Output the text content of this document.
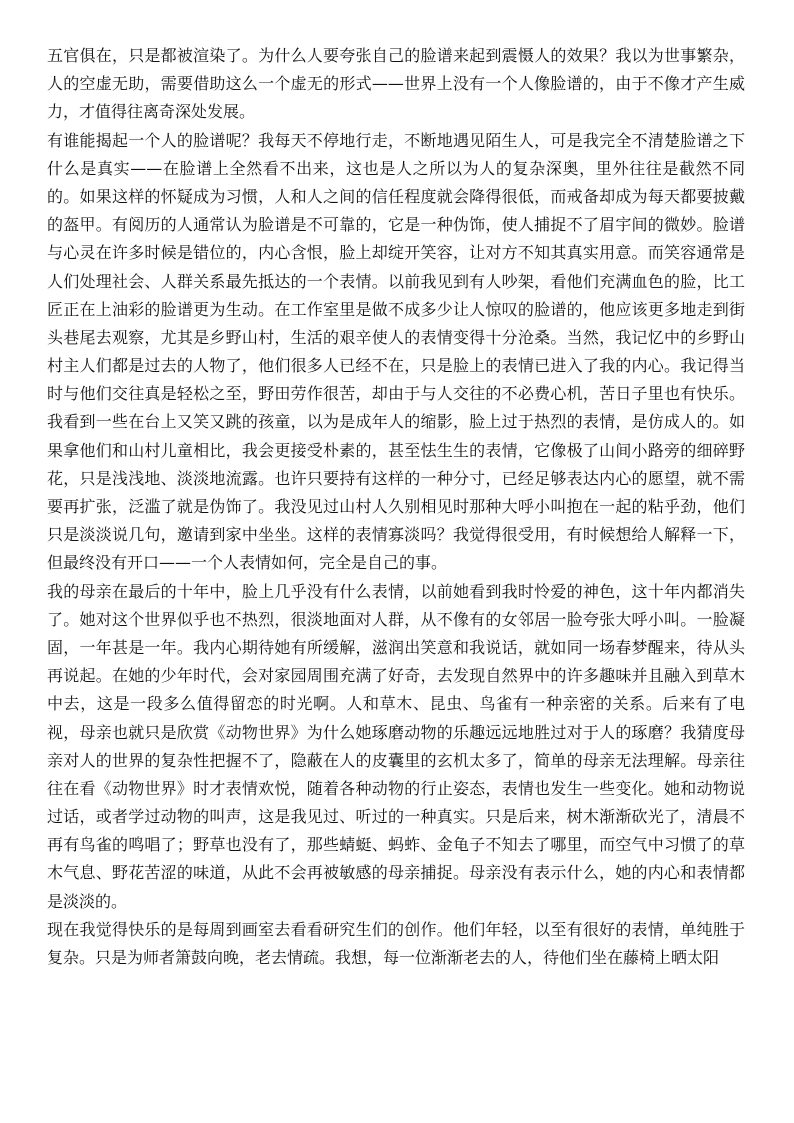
五官俱在，只是都被渲染了。为什么人要夸张自己的脸谱来起到震慑人的效果？我以为世事繁杂，
人的空虚无助，需要借助这么一个虚无的形式——世界上没有一个人像脸谱的，由于不像才产生威
力，才值得往离奇深处发展。
有谁能揭起一个人的脸谱呢？我每天不停地行走，不断地遇见陌生人，可是我完全不清楚脸谱之下
什么是真实——在脸谱上全然看不出来，这也是人之所以为人的复杂深奥，里外往往是截然不同
的。如果这样的怀疑成为习惯，人和人之间的信任程度就会降得很低，而戒备却成为每天都要披戴
的盔甲。有阅历的人通常认为脸谱是不可靠的，它是一种伪饰，使人捕捉不了眉宇间的微妙。脸谱
与心灵在许多时候是错位的，内心含恨，脸上却绽开笑容，让对方不知其真实用意。而笑容通常是
人们处理社会、人群关系最先抵达的一个表情。以前我见到有人吵架，看他们充满血色的脸，比工
匠正在上油彩的脸谱更为生动。在工作室里是做不成多少让人惊叹的脸谱的，他应该更多地走到街
头巷尾去观察，尤其是乡野山村，生活的艰辛使人的表情变得十分沧桑。当然，我记忆中的乡野山
村主人们都是过去的人物了，他们很多人已经不在，只是脸上的表情已进入了我的内心。我记得当
时与他们交往真是轻松之至，野田劳作很苦，却由于与人交往的不必费心机，苦日子里也有快乐。
我看到一些在台上又笑又跳的孩童，以为是成年人的缩影，脸上过于热烈的表情，是仿成人的。如
果拿他们和山村儿童相比，我会更接受朴素的，甚至怯生生的表情，它像极了山间小路旁的细碎野
花，只是浅浅地、淡淡地流露。也许只要持有这样的一种分寸，已经足够表达内心的愿望，就不需
要再扩张，泛滥了就是伪饰了。我没见过山村人久别相见时那种大呼小叫抱在一起的粘乎劲，他们
只是淡淡说几句，邀请到家中坐坐。这样的表情寡淡吗？我觉得很受用，有时候想给人解释一下，
但最终没有开口——一个人表情如何，完全是自己的事。
我的母亲在最后的十年中，脸上几乎没有什么表情，以前她看到我时怜爱的神色，这十年内都消失
了。她对这个世界似乎也不热烈，很淡地面对人群，从不像有的女邻居一脸夸张大呼小叫。一脸凝
固，一年甚是一年。我内心期待她有所缓解，滋润出笑意和我说话，就如同一场春梦醒来，待从头
再说起。在她的少年时代，会对家园周围充满了好奇，去发现自然界中的许多趣味并且融入到草木
中去，这是一段多么值得留恋的时光啊。人和草木、昆虫、鸟雀有一种亲密的关系。后来有了电
视，母亲也就只是欣赏《动物世界》为什么她琢磨动物的乐趣远远地胜过对于人的琢磨？我猜度母
亲对人的世界的复杂性把握不了，隐蔽在人的皮囊里的玄机太多了，简单的母亲无法理解。母亲往
往在看《动物世界》时才表情欢悦，随着各种动物的行止姿态，表情也发生一些变化。她和动物说
过话，或者学过动物的叫声，这是我见过、听过的一种真实。只是后来，树木渐渐砍光了，清晨不
再有鸟雀的鸣唱了；野草也没有了，那些蜻蜓、蚂蚱、金龟子不知去了哪里，而空气中习惯了的草
木气息、野花苦涩的味道，从此不会再被敏感的母亲捕捉。母亲没有表示什么，她的内心和表情都
是淡淡的。
现在我觉得快乐的是每周到画室去看看研究生们的创作。他们年轻，以至有很好的表情，单纯胜于
复杂。只是为师者箫鼓向晚，老去情疏。我想，每一位渐渐老去的人，待他们坐在藤椅上晒太阳
